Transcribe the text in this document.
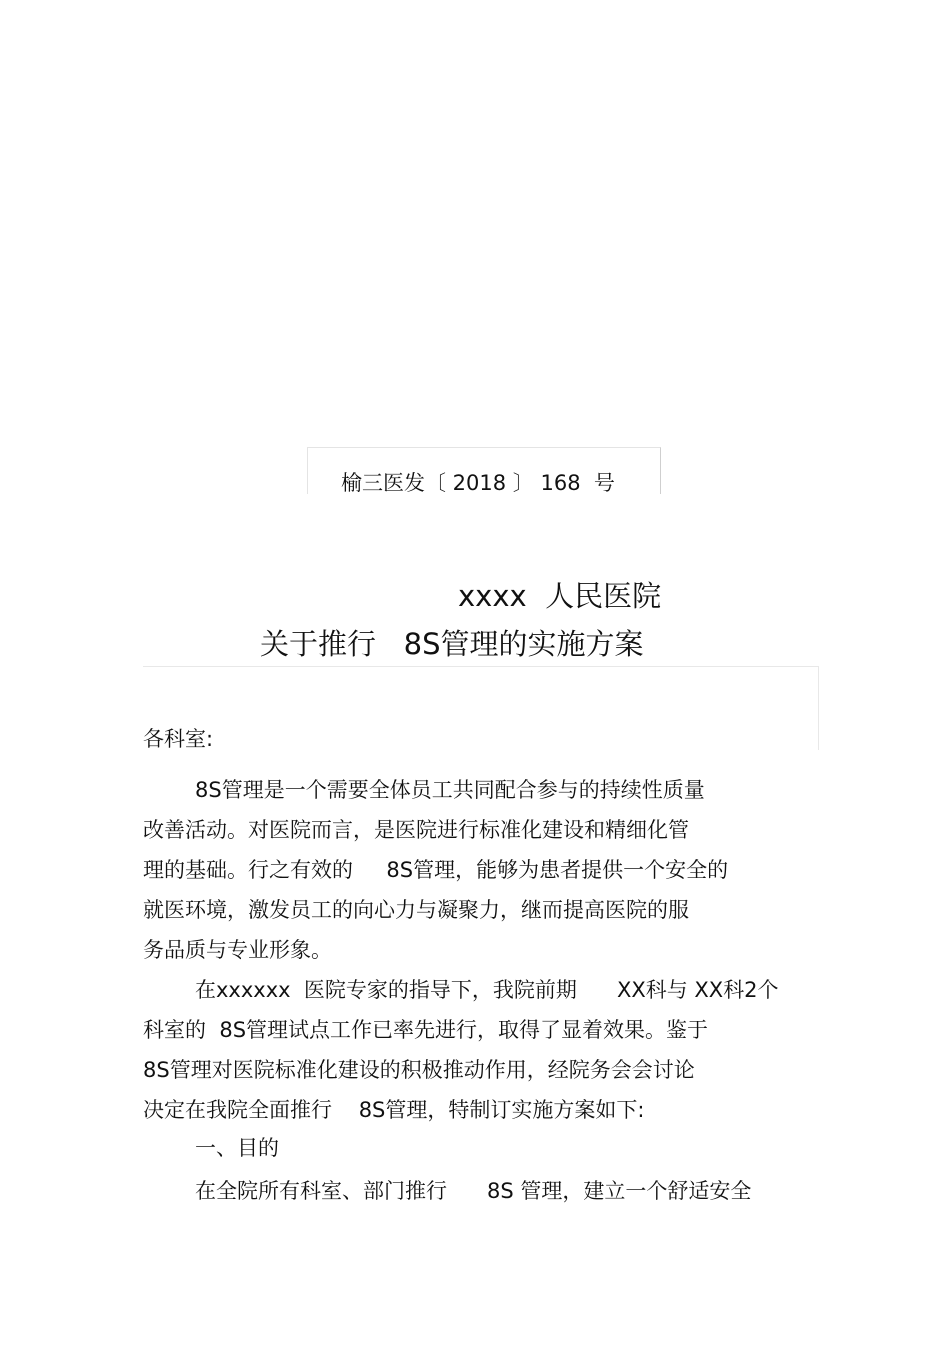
榆三医发〔 2018 〕 168  号
xxxx  人民医院
关于推行   8S管理的实施方案
各科室:
8S管理是一个需要全体员工共同配合参与的持续性质量
改善活动。对医院而言，是医院进行标准化建设和精细化管
理的基础。行之有效的     8S管理，能够为患者提供一个安全的
就医环境，激发员工的向心力与凝聚力，继而提高医院的服
务品质与专业形象。
在xxxxxx  医院专家的指导下，我院前期      XX科与 XX科2个
科室的  8S管理试点工作已率先进行，取得了显着效果。鉴于
8S管理对医院标准化建设的积极推动作用，经院务会会讨论
决定在我院全面推行    8S管理，特制订实施方案如下:
一、目的
在全院所有科室、部门推行      8S 管理，建立一个舒适安全
